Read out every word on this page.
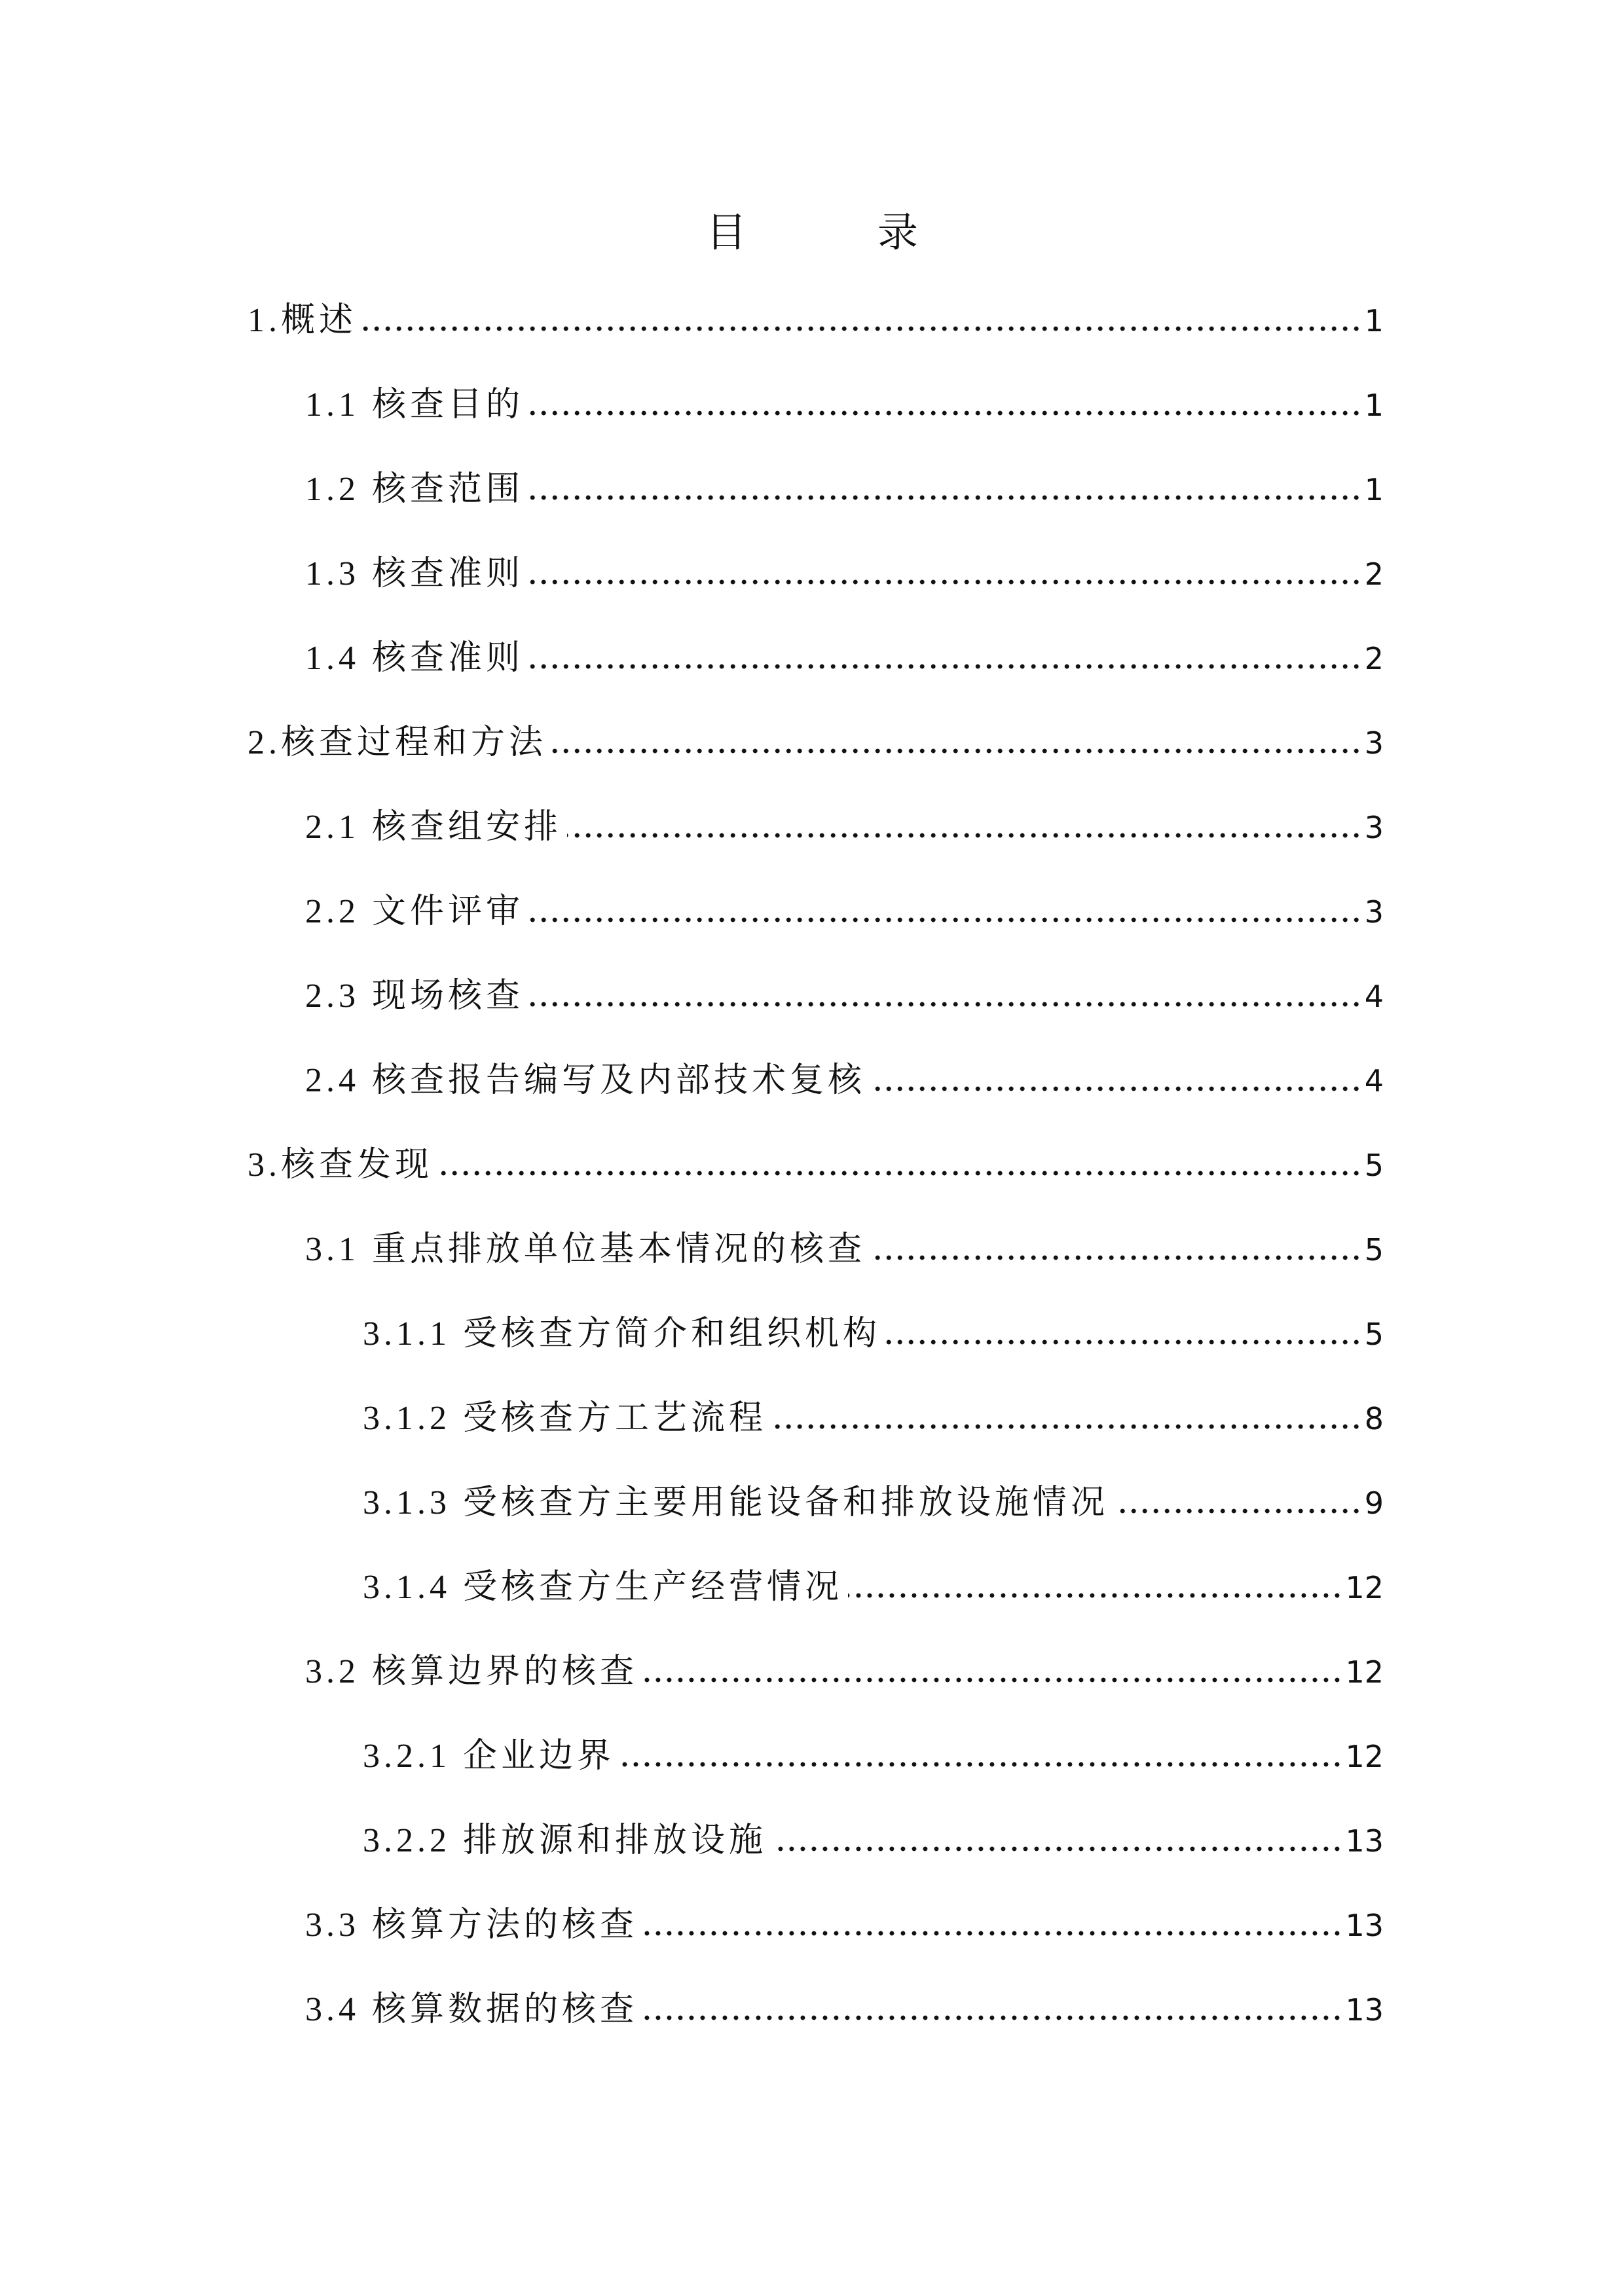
目 录
1.概述	1
1.1 核查目的	1
1.2 核查范围	1
1.3 核查准则	2
1.4 核查准则	2
2.核查过程和方法	3
2.1 核查组安排	3
2.2 文件评审	3
2.3 现场核查	4
2.4 核查报告编写及内部技术复核	4
3.核查发现	5
3.1 重点排放单位基本情况的核查	5
3.1.1 受核查方简介和组织机构	5
3.1.2 受核查方工艺流程	8
3.1.3 受核查方主要用能设备和排放设施情况	9
3.1.4 受核查方生产经营情况	12
3.2 核算边界的核查	12
3.2.1 企业边界	12
3.2.2 排放源和排放设施	13
3.3 核算方法的核查	13
3.4 核算数据的核查	13
